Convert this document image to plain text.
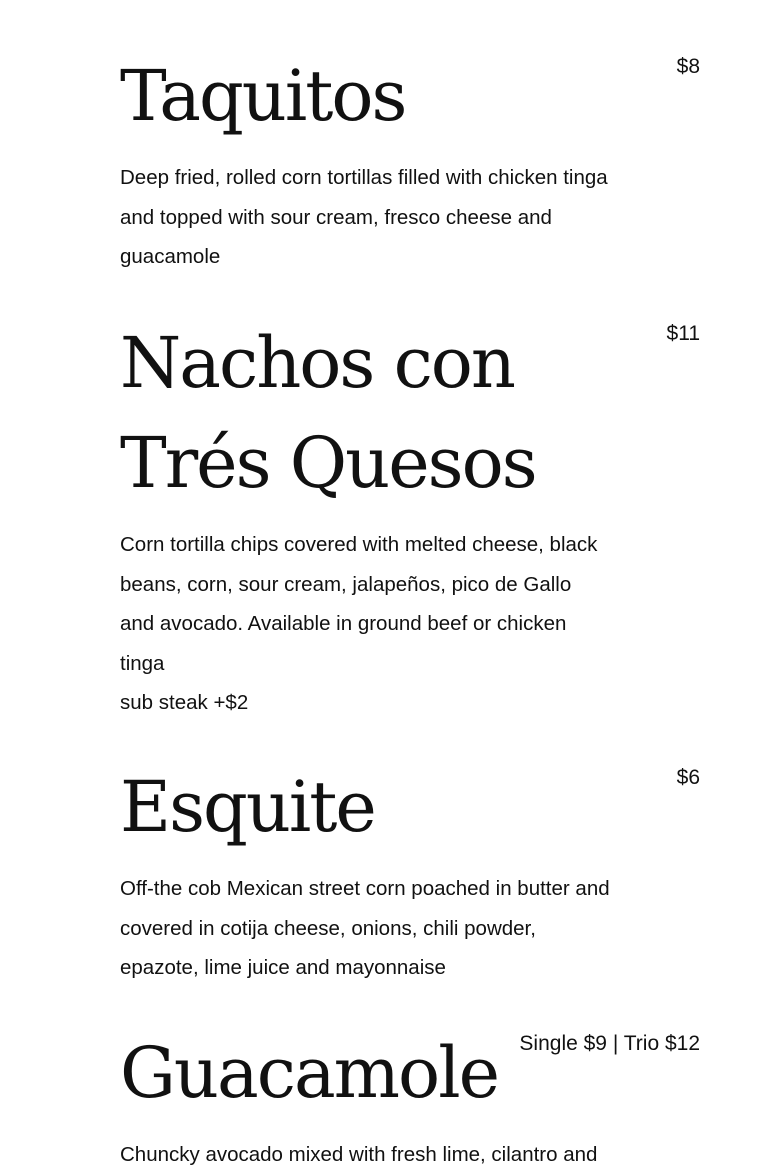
Taquitos	$8

Deep fried, rolled corn tortillas filled with chicken tinga and topped with sour cream, fresco cheese and guacamole

Nachos con Trés Quesos
$11

Corn tortilla chips covered with melted cheese, black beans, corn, sour cream, jalapeños, pico de Gallo and avocado. Available in ground beef or chicken tinga
sub steak +$2

Esquite	$6

Off-the cob Mexican street corn poached in butter and covered in cotija cheese, onions, chili powder, epazote, lime juice and mayonnaise

Guacamole	Single $9 | Trio $12

Chuncky avocado mixed with fresh lime, cilantro and
